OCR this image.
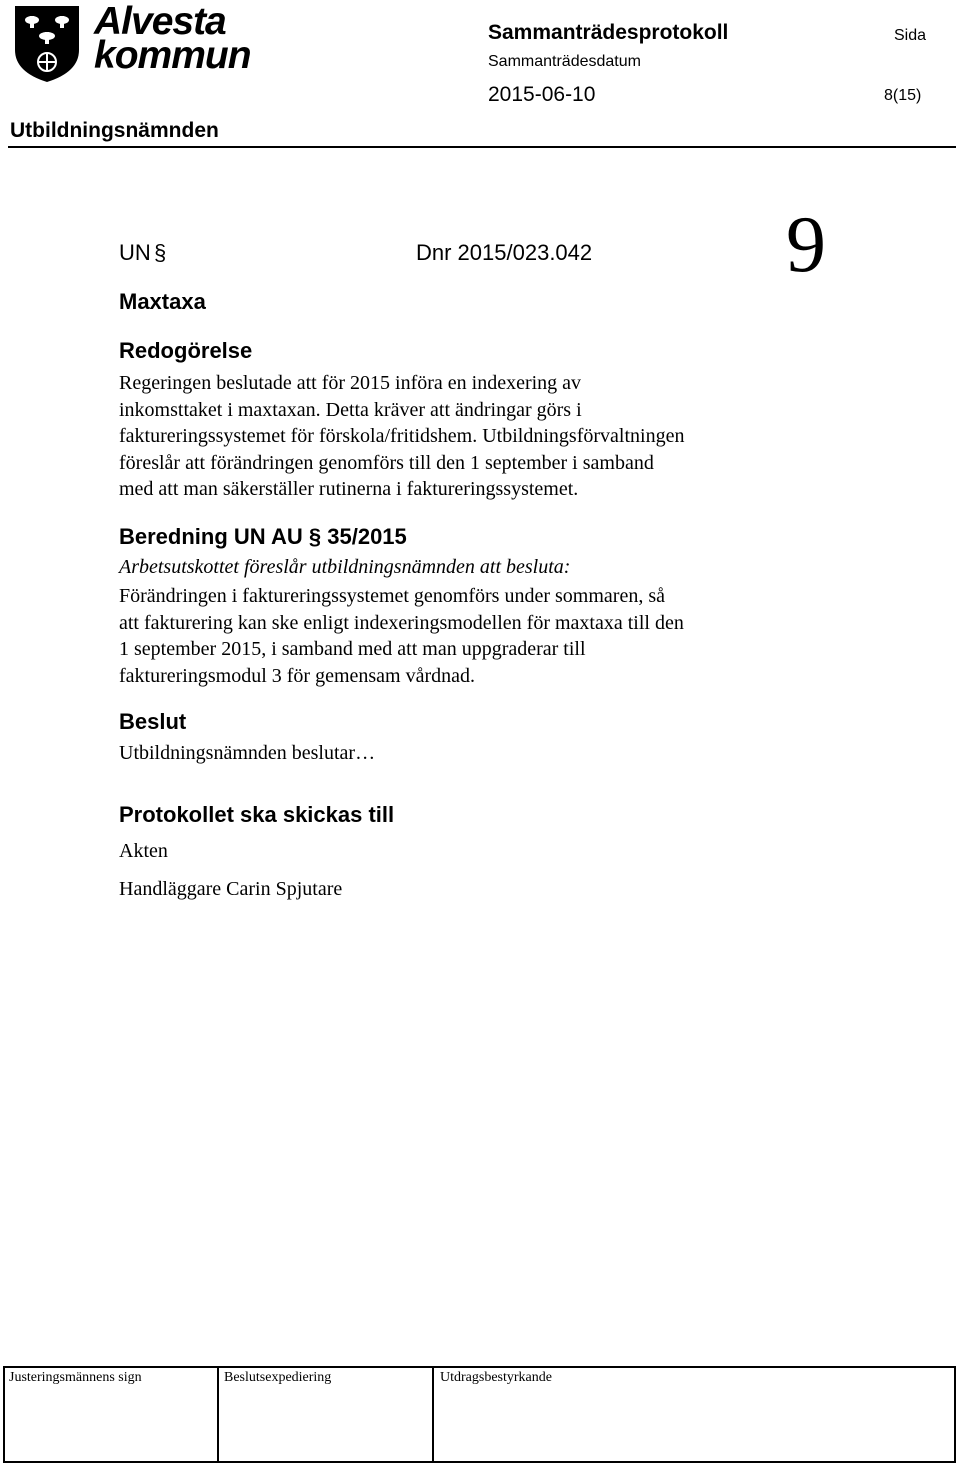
Alvesta
kommun
Sammanträdesprotokoll
Sammanträdesdatum
Sida
2015-06-10	8(15)
Utbildningsnämnden
UN §	Dnr 2015/023.042 9
Maxtaxa
Redogörelse
Regeringen beslutade att för 2015 införa en indexering av
inkomsttaket i maxtaxan. Detta kräver att ändringar görs i
faktureringssystemet för förskola/fritidshem. Utbildningsförvaltningen
föreslår att förändringen genomförs till den 1 september i samband
med att man säkerställer rutinerna i faktureringssystemet.
Beredning UN AU § 35/2015
Arbetsutskottet föreslår utbildningsnämnden att besluta:
Förändringen i faktureringssystemet genomförs under sommaren, så
att fakturering kan ske enligt indexeringsmodellen för maxtaxa till den
1 september 2015, i samband med att man uppgraderar till
faktureringsmodul 3 för gemensam vårdnad.
Beslut
Utbildningsnämnden beslutar…
Protokollet ska skickas till
Akten
Handläggare Carin Spjutare
Justeringsmännens sign	Beslutsexpediering	Utdragsbestyrkande
